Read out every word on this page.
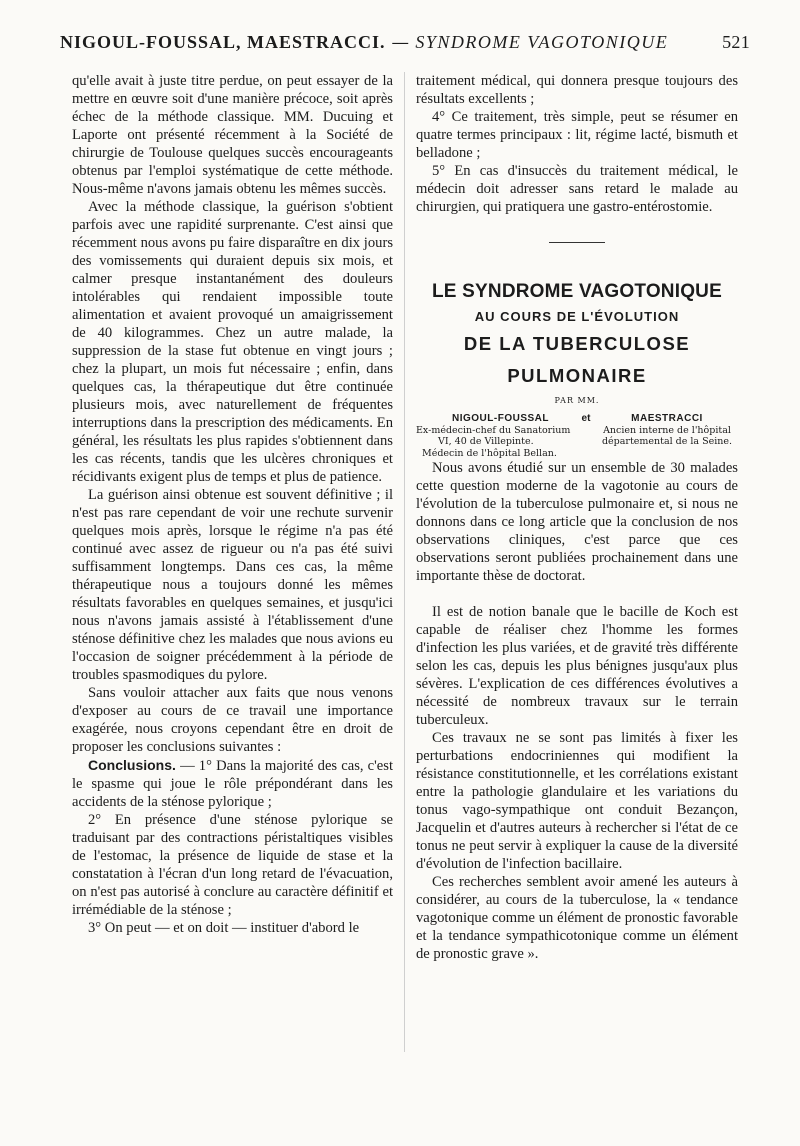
NIGOUL-FOUSSAL, MAESTRACCI. — SYNDROME VAGOTONIQUE	521

qu'elle avait à juste titre perdue, on peut essayer de la mettre en œuvre soit d'une manière précoce, soit après échec de la méthode classique. MM. Ducuing et Laporte ont présenté récemment à la Société de chirurgie de Toulouse quelques succès encourageants obtenus par l'emploi systématique de cette méthode. Nous-même n'avons jamais obtenu les mêmes succès.

Avec la méthode classique, la guérison s'obtient parfois avec une rapidité surprenante. C'est ainsi que récemment nous avons pu faire disparaître en dix jours des vomissements qui duraient depuis six mois, et calmer presque instantanément des douleurs intolérables qui rendaient impossible toute alimentation et avaient provoqué un amaigrissement de 40 kilogrammes. Chez un autre malade, la suppression de la stase fut obtenue en vingt jours ; chez la plupart, un mois fut nécessaire ; enfin, dans quelques cas, la thérapeutique dut être continuée plusieurs mois, avec naturellement de fréquentes interruptions dans la prescription des médicaments. En général, les résultats les plus rapides s'obtiennent dans les cas récents, tandis que les ulcères chroniques et récidivants exigent plus de temps et plus de patience.

La guérison ainsi obtenue est souvent définitive ; il n'est pas rare cependant de voir une rechute survenir quelques mois après, lorsque le régime n'a pas été continué avec assez de rigueur ou n'a pas été suivi suffisamment longtemps. Dans ces cas, la même thérapeutique nous a toujours donné les mêmes résultats favorables en quelques semaines, et jusqu'ici nous n'avons jamais assisté à l'établissement d'une sténose définitive chez les malades que nous avions eu l'occasion de soigner précédemment à la période de troubles spasmodiques du pylore.

Sans vouloir attacher aux faits que nous venons d'exposer au cours de ce travail une importance exagérée, nous croyons cependant être en droit de proposer les conclusions suivantes :

Conclusions. — 1° Dans la majorité des cas, c'est le spasme qui joue le rôle prépondérant dans les accidents de la sténose pylorique ;

2° En présence d'une sténose pylorique se traduisant par des contractions péristaltiques visibles de l'estomac, la présence de liquide de stase et la constatation à l'écran d'un long retard de l'évacuation, on n'est pas autorisé à conclure au caractère définitif et irrémédiable de la sténose ;

3° On peut — et on doit — instituer d'abord le

traitement médical, qui donnera presque toujours des résultats excellents ;

4° Ce traitement, très simple, peut se résumer en quatre termes principaux : lit, régime lacté, bismuth et belladone ;

5° En cas d'insuccès du traitement médical, le médecin doit adresser sans retard le malade au chirurgien, qui pratiquera une gastro-entérostomie.

LE SYNDROME VAGOTONIQUE
AU COURS DE L'ÉVOLUTION
DE LA TUBERCULOSE
PULMONAIRE
PAR MM.
NIGOUL-FOUSSAL
Ex-médecin-chef du Sanatorium
VI, 40 de Villepinte.
Médecin de l'hôpital Bellan.
et	MAESTRACCI
Ancien interne de l'hôpital
départemental de la Seine.

Nous avons étudié sur un ensemble de 30 malades cette question moderne de la vagotonie au cours de l'évolution de la tuberculose pulmonaire et, si nous ne donnons dans ce long article que la conclusion de nos observations cliniques, c'est parce que ces observations seront publiées prochainement dans une importante thèse de doctorat.

Il est de notion banale que le bacille de Koch est capable de réaliser chez l'homme les formes d'infection les plus variées, et de gravité très différente selon les cas, depuis les plus bénignes jusqu'aux plus sévères. L'explication de ces différences évolutives a nécessité de nombreux travaux sur le terrain tuberculeux.

Ces travaux ne se sont pas limités à fixer les perturbations endocriniennes qui modifient la résistance constitutionnelle, et les corrélations existant entre la pathologie glandulaire et les variations du tonus vago-sympathique ont conduit Bezançon, Jacquelin et d'autres auteurs à rechercher si l'état de ce tonus ne peut servir à expliquer la cause de la diversité d'évolution de l'infection bacillaire.

Ces recherches semblent avoir amené les auteurs à considérer, au cours de la tuberculose, la « tendance vagotonique comme un élément de pronostic favorable et la tendance sympathicotonique comme un élément de pronostic grave ».
